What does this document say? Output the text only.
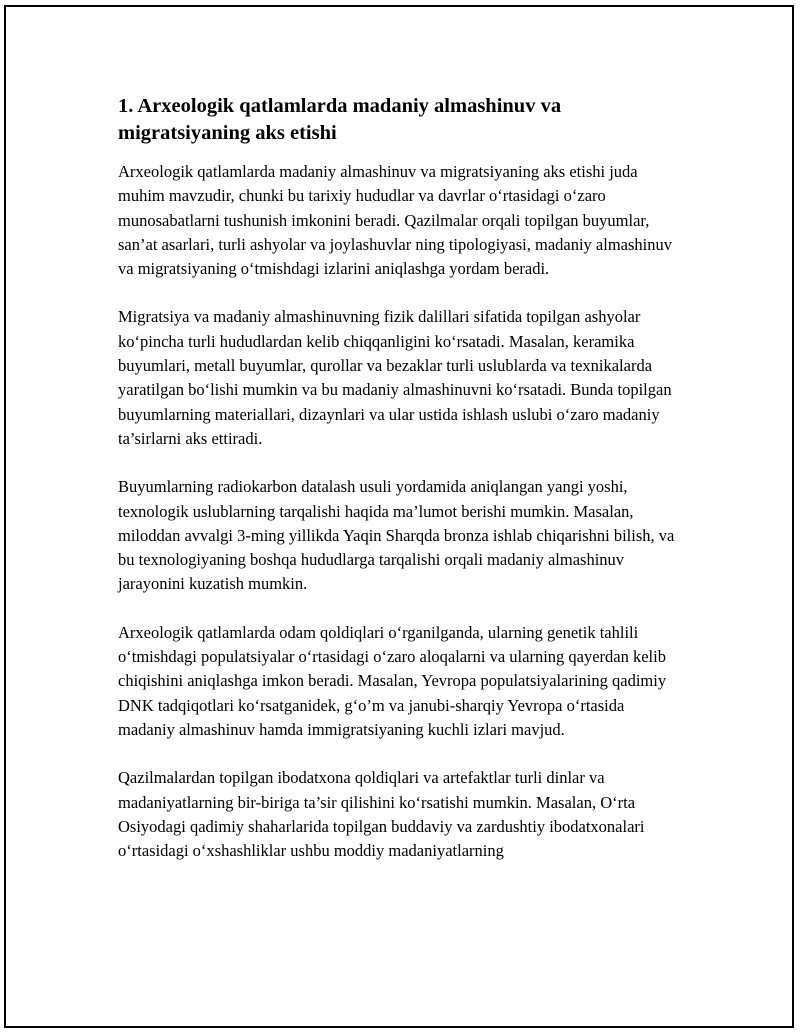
1. Arxeologik qatlamlarda madaniy almashinuv va migratsiyaning aks etishi

Arxeologik qatlamlarda madaniy almashinuv va migratsiyaning aks etishi juda muhim mavzudir, chunki bu tarixiy hududlar va davrlar o‘rtasidagi o‘zaro munosabatlarni tushunish imkonini beradi. Qazilmalar orqali topilgan buyumlar, san’at asarlari, turli ashyolar va joylashuvlar ning tipologiyasi, madaniy almashinuv va migratsiyaning o‘tmishdagi izlarini aniqlashga yordam beradi.

Migratsiya va madaniy almashinuvning fizik dalillari sifatida topilgan ashyolar ko‘pincha turli hududlardan kelib chiqqanligini ko‘rsatadi. Masalan, keramika buyumlari, metall buyumlar, qurollar va bezaklar turli uslublarda va texnikalarda yaratilgan bo‘lishi mumkin va bu madaniy almashinuvni ko‘rsatadi. Bunda topilgan buyumlarning materiallari, dizaynlari va ular ustida ishlash uslubi o‘zaro madaniy ta’sirlarni aks ettiradi.

Buyumlarning radiokarbon datalash usuli yordamida aniqlangan yangi yoshi, texnologik uslublarning tarqalishi haqida ma’lumot berishi mumkin. Masalan, miloddan avvalgi 3-ming yillikda Yaqin Sharqda bronza ishlab chiqarishni bilish, va bu texnologiyaning boshqa hududlarga tarqalishi orqali madaniy almashinuv jarayonini kuzatish mumkin.

Arxeologik qatlamlarda odam qoldiqlari o‘rganilganda, ularning genetik tahlili o‘tmishdagi populatsiyalar o‘rtasidagi o‘zaro aloqalarni va ularning qayerdan kelib chiqishini aniqlashga imkon beradi. Masalan, Yevropa populatsiyalarining qadimiy DNK tadqiqotlari ko‘rsatganidek, g‘o’m va janubi-sharqiy Yevropa o‘rtasida madaniy almashinuv hamda immigratsiyaning kuchli izlari mavjud.

Qazilmalardan topilgan ibodatxona qoldiqlari va artefaktlar turli dinlar va madaniyatlarning bir-biriga ta’sir qilishini ko‘rsatishi mumkin. Masalan, O‘rta Osiyodagi qadimiy shaharlarida topilgan buddaviy va zardushtiy ibodatxonalari o‘rtasidagi o‘xshashliklar ushbu moddiy madaniyatlarning
